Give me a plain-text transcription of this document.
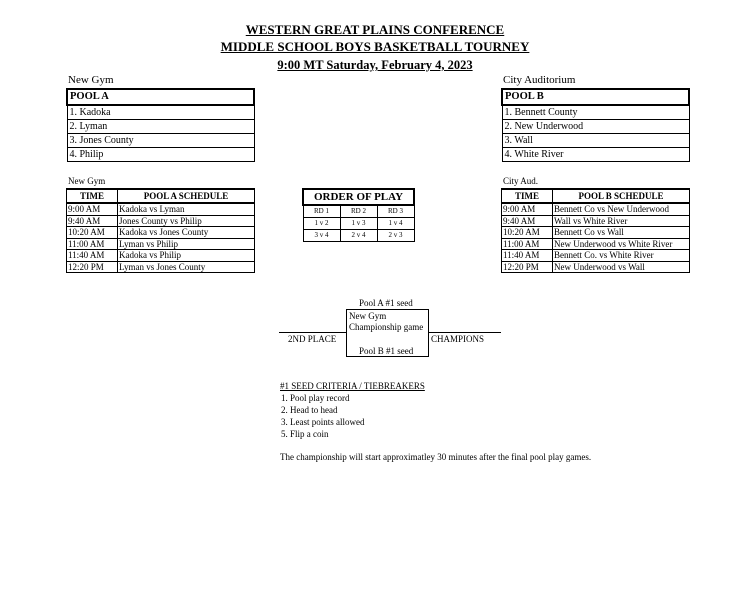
WESTERN GREAT PLAINS CONFERENCE
MIDDLE SCHOOL BOYS BASKETBALL TOURNEY
9:00 MT Saturday, February 4, 2023
New Gym
POOL A
1. Kadoka
2. Lyman
3. Jones County
4. Philip
City Auditorium
POOL B
1. Bennett County
2. New Underwood
3. Wall
4. White River
New Gym
TIME	POOL A SCHEDULE
9:00 AM	Kadoka vs Lyman
9:40 AM	Jones County vs Philip
10:20 AM	Kadoka vs Jones County
11:00 AM	Lyman vs Philip
11:40 AM	Kadoka vs Philip
12:20 PM	Lyman vs Jones County
ORDER OF PLAY		
RD 1	RD 2	RD 3
1 v 2	1 v 3	1 v 4
3 v 4	2 v 4	2 v 3
City Aud.
TIME	POOL B SCHEDULE
9:00 AM	Bennett Co vs New Underwood
9:40 AM	Wall vs White River
10:20 AM	Bennett Co vs Wall
11:00 AM	New Underwood vs White River
11:40 AM	Bennett Co. vs White River
12:20 PM	New Underwood vs Wall
Pool A #1 seed
New Gym
Championship game
2ND PLACE	CHAMPIONS
Pool B #1 seed
#1 SEED CRITERIA / TIEBREAKERS
1. Pool play record
2. Head to head
3. Least points allowed
5. Flip a coin
The championship will start approximatley 30 minutes after the final pool play games.
